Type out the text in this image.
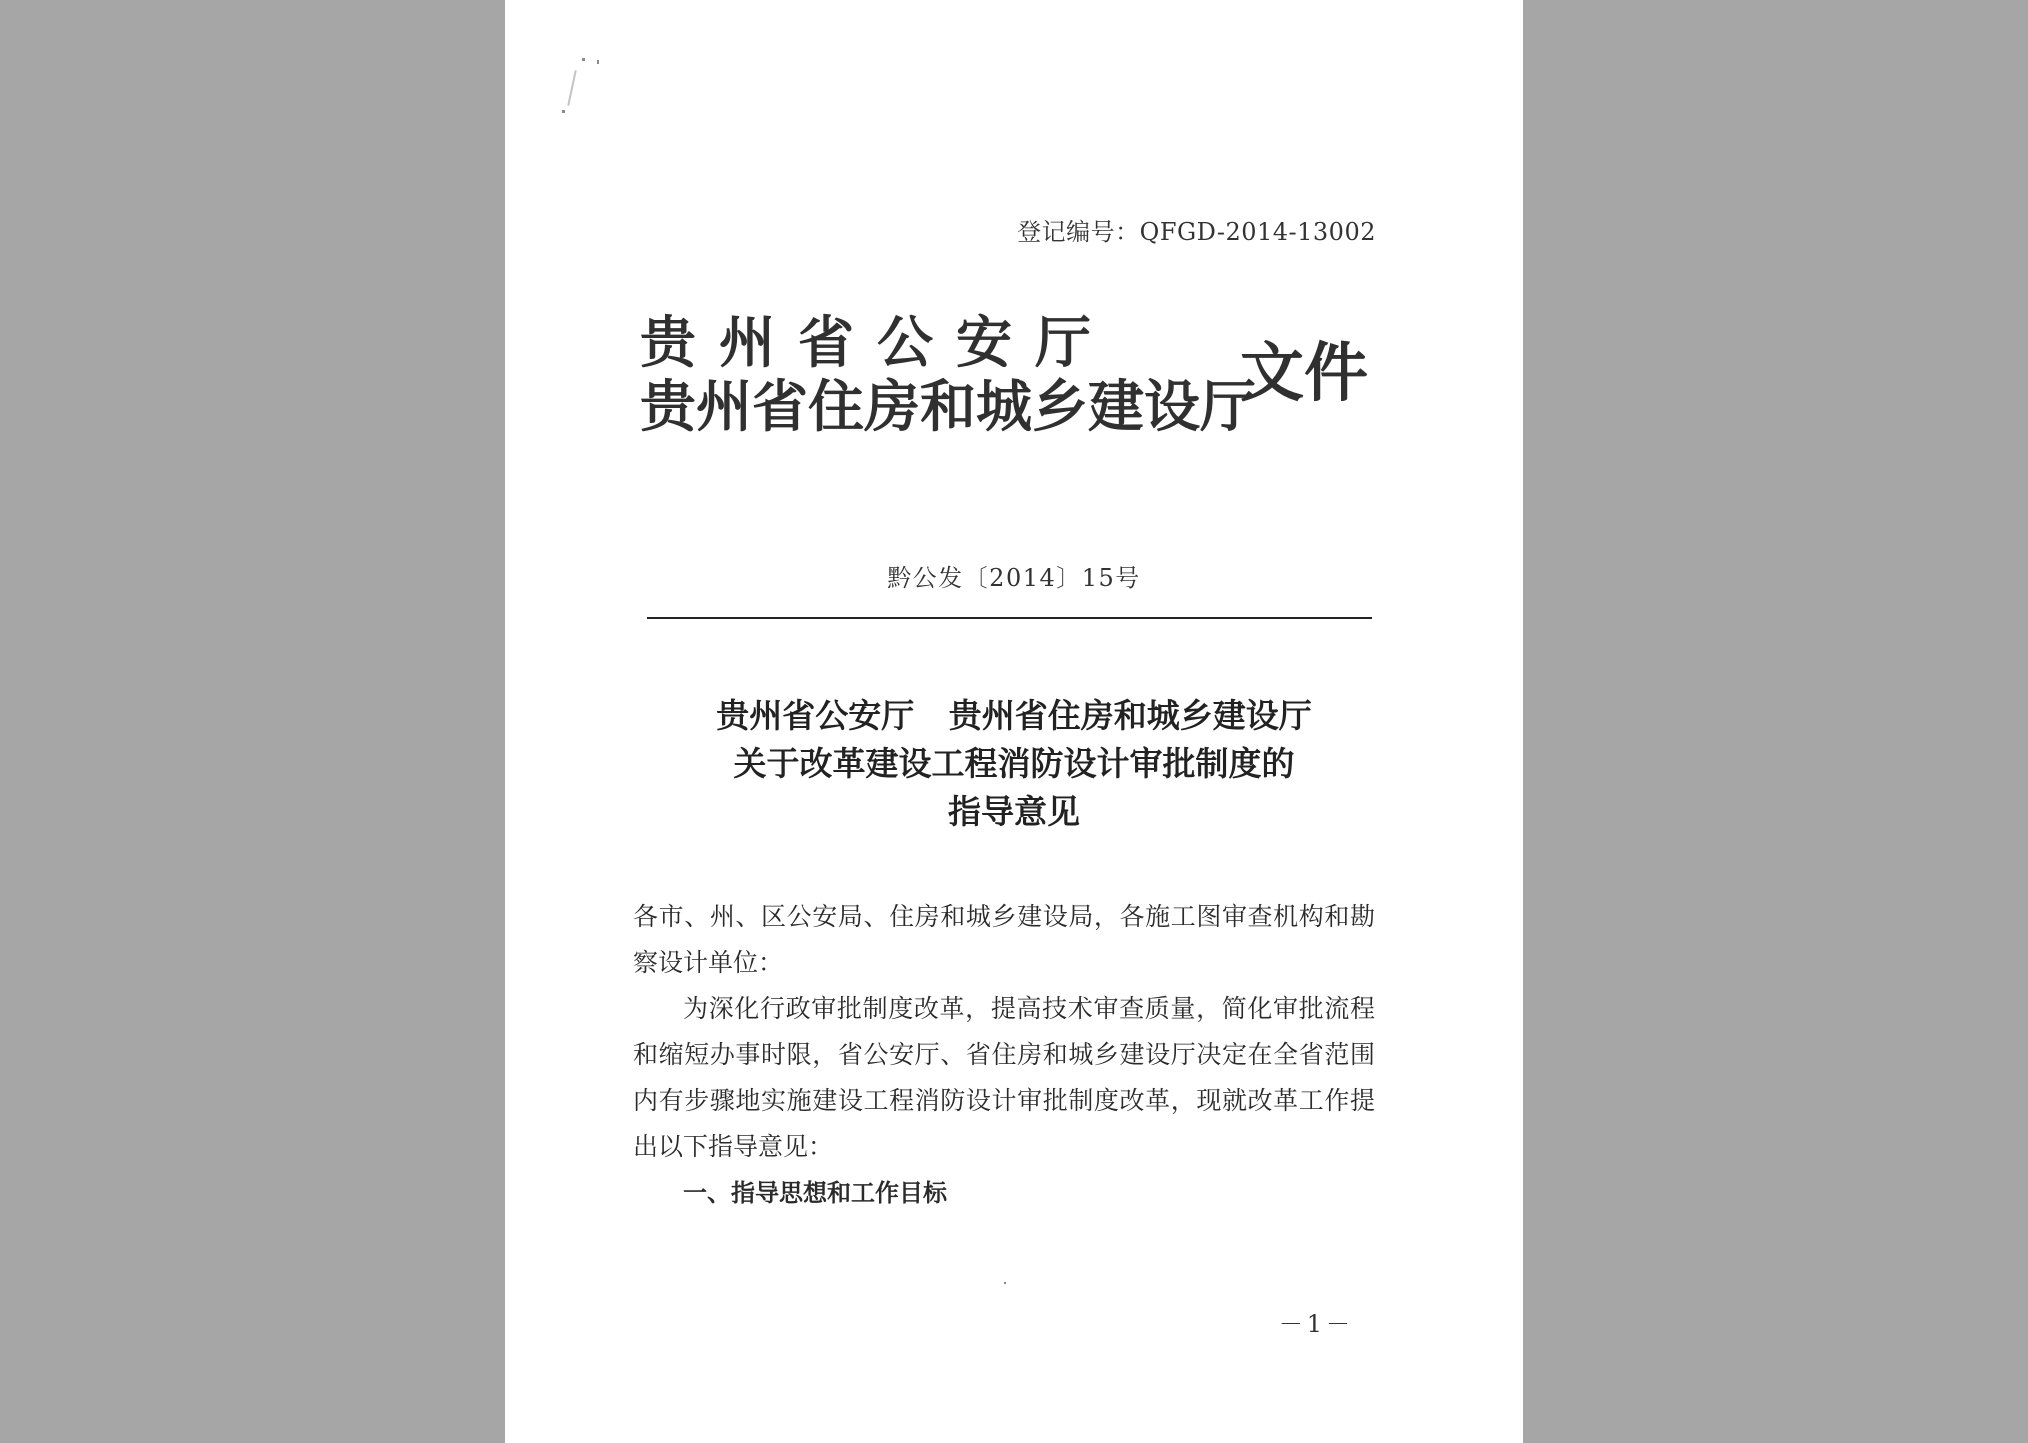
登记编号：QFGD-2014-13002
贵州省公安厅
贵州省住房和城乡建设厅
文件
黔公发〔2014〕15号
贵州省公安厅   贵州省住房和城乡建设厅
关于改革建设工程消防设计审批制度的
指导意见

各市、州、区公安局、住房和城乡建设局，各施工图审查机构和勘察设计单位：

为深化行政审批制度改革，提高技术审查质量，简化审批流程和缩短办事时限，省公安厅、省住房和城乡建设厅决定在全省范围内有步骤地实施建设工程消防设计审批制度改革，现就改革工作提出以下指导意见：

一、指导思想和工作目标

－1－
